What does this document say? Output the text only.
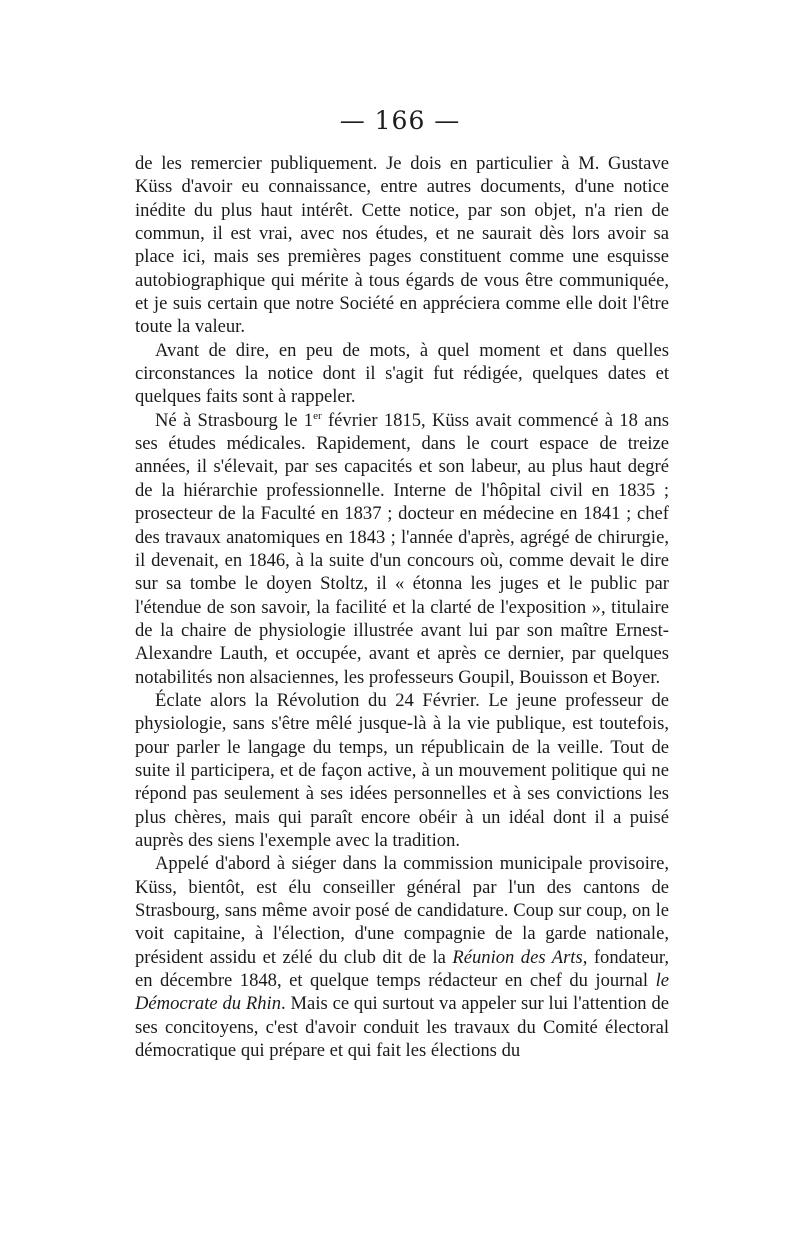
— 166 —

de les remercier publiquement. Je dois en particulier à M. Gustave Küss d'avoir eu connaissance, entre autres documents, d'une notice inédite du plus haut intérêt. Cette notice, par son objet, n'a rien de commun, il est vrai, avec nos études, et ne saurait dès lors avoir sa place ici, mais ses premières pages constituent comme une esquisse autobiographique qui mérite à tous égards de vous être communiquée, et je suis certain que notre Société en appréciera comme elle doit l'être toute la valeur.

Avant de dire, en peu de mots, à quel moment et dans quelles circonstances la notice dont il s'agit fut rédigée, quelques dates et quelques faits sont à rappeler.

Né à Strasbourg le 1er février 1815, Küss avait commencé à 18 ans ses études médicales. Rapidement, dans le court espace de treize années, il s'élevait, par ses capacités et son labeur, au plus haut degré de la hiérarchie professionnelle. Interne de l'hôpital civil en 1835 ; prosecteur de la Faculté en 1837 ; docteur en médecine en 1841 ; chef des travaux anatomiques en 1843 ; l'année d'après, agrégé de chirurgie, il devenait, en 1846, à la suite d'un concours où, comme devait le dire sur sa tombe le doyen Stoltz, il « étonna les juges et le public par l'étendue de son savoir, la facilité et la clarté de l'exposition », titulaire de la chaire de physiologie illustrée avant lui par son maître Ernest-Alexandre Lauth, et occupée, avant et après ce dernier, par quelques notabilités non alsaciennes, les professeurs Goupil, Bouisson et Boyer.

Éclate alors la Révolution du 24 Février. Le jeune professeur de physiologie, sans s'être mêlé jusque-là à la vie publique, est toutefois, pour parler le langage du temps, un républicain de la veille. Tout de suite il participera, et de façon active, à un mouvement politique qui ne répond pas seulement à ses idées personnelles et à ses convictions les plus chères, mais qui paraît encore obéir à un idéal dont il a puisé auprès des siens l'exemple avec la tradition.

Appelé d'abord à siéger dans la commission municipale provisoire, Küss, bientôt, est élu conseiller général par l'un des cantons de Strasbourg, sans même avoir posé de candidature. Coup sur coup, on le voit capitaine, à l'élection, d'une compagnie de la garde nationale, président assidu et zélé du club dit de la Réunion des Arts, fondateur, en décembre 1848, et quelque temps rédacteur en chef du journal le Démocrate du Rhin. Mais ce qui surtout va appeler sur lui l'attention de ses concitoyens, c'est d'avoir conduit les travaux du Comité électoral démocratique qui prépare et qui fait les élections du
